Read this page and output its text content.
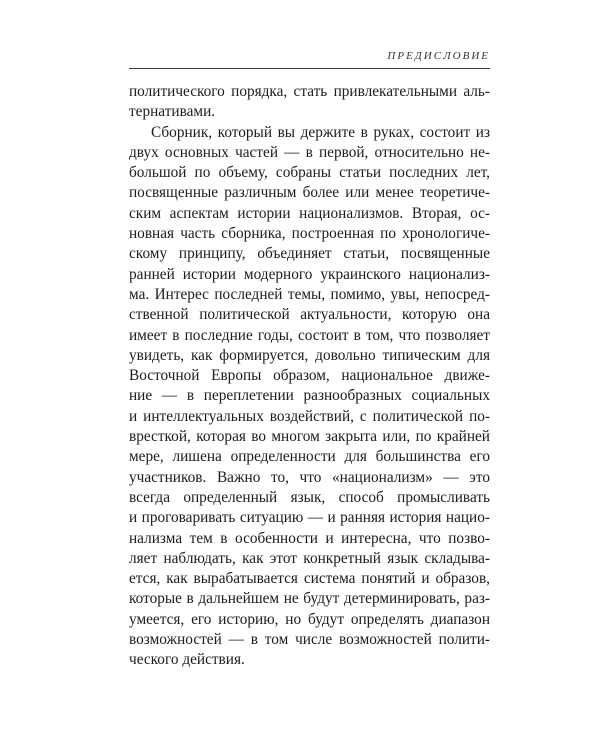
ПРЕДИСЛОВИЕ
политического порядка, стать привлекательными аль-
тернативами.
Сборник, который вы держите в руках, состоит из
двух основных частей — в первой, относительно не-
большой по объему, собраны статьи последних лет,
посвященные различным более или менее теоретиче-
ским аспектам истории национализмов. Вторая, ос-
новная часть сборника, построенная по хронологиче-
скому принципу, объединяет статьи, посвященные
ранней истории модерного украинского национализ-
ма. Интерес последней темы, помимо, увы, непосред-
ственной политической актуальности, которую она
имеет в последние годы, состоит в том, что позволяет
увидеть, как формируется, довольно типическим для
Восточной Европы образом, национальное движе-
ние — в переплетении разнообразных социальных
и интеллектуальных воздействий, с политической по-
вресткой, которая во многом закрыта или, по крайней
мере, лишена определенности для большинства его
участников. Важно то, что «национализм» — это
всегда определенный язык, способ промысливать
и проговаривать ситуацию — и ранняя история нацио-
нализма тем в особенности и интересна, что позво-
ляет наблюдать, как этот конкретный язык складыва-
ется, как вырабатывается система понятий и образов,
которые в дальнейшем не будут детерминировать, раз-
умеется, его историю, но будут определять диапазон
возможностей — в том числе возможностей полити-
ческого действия.
